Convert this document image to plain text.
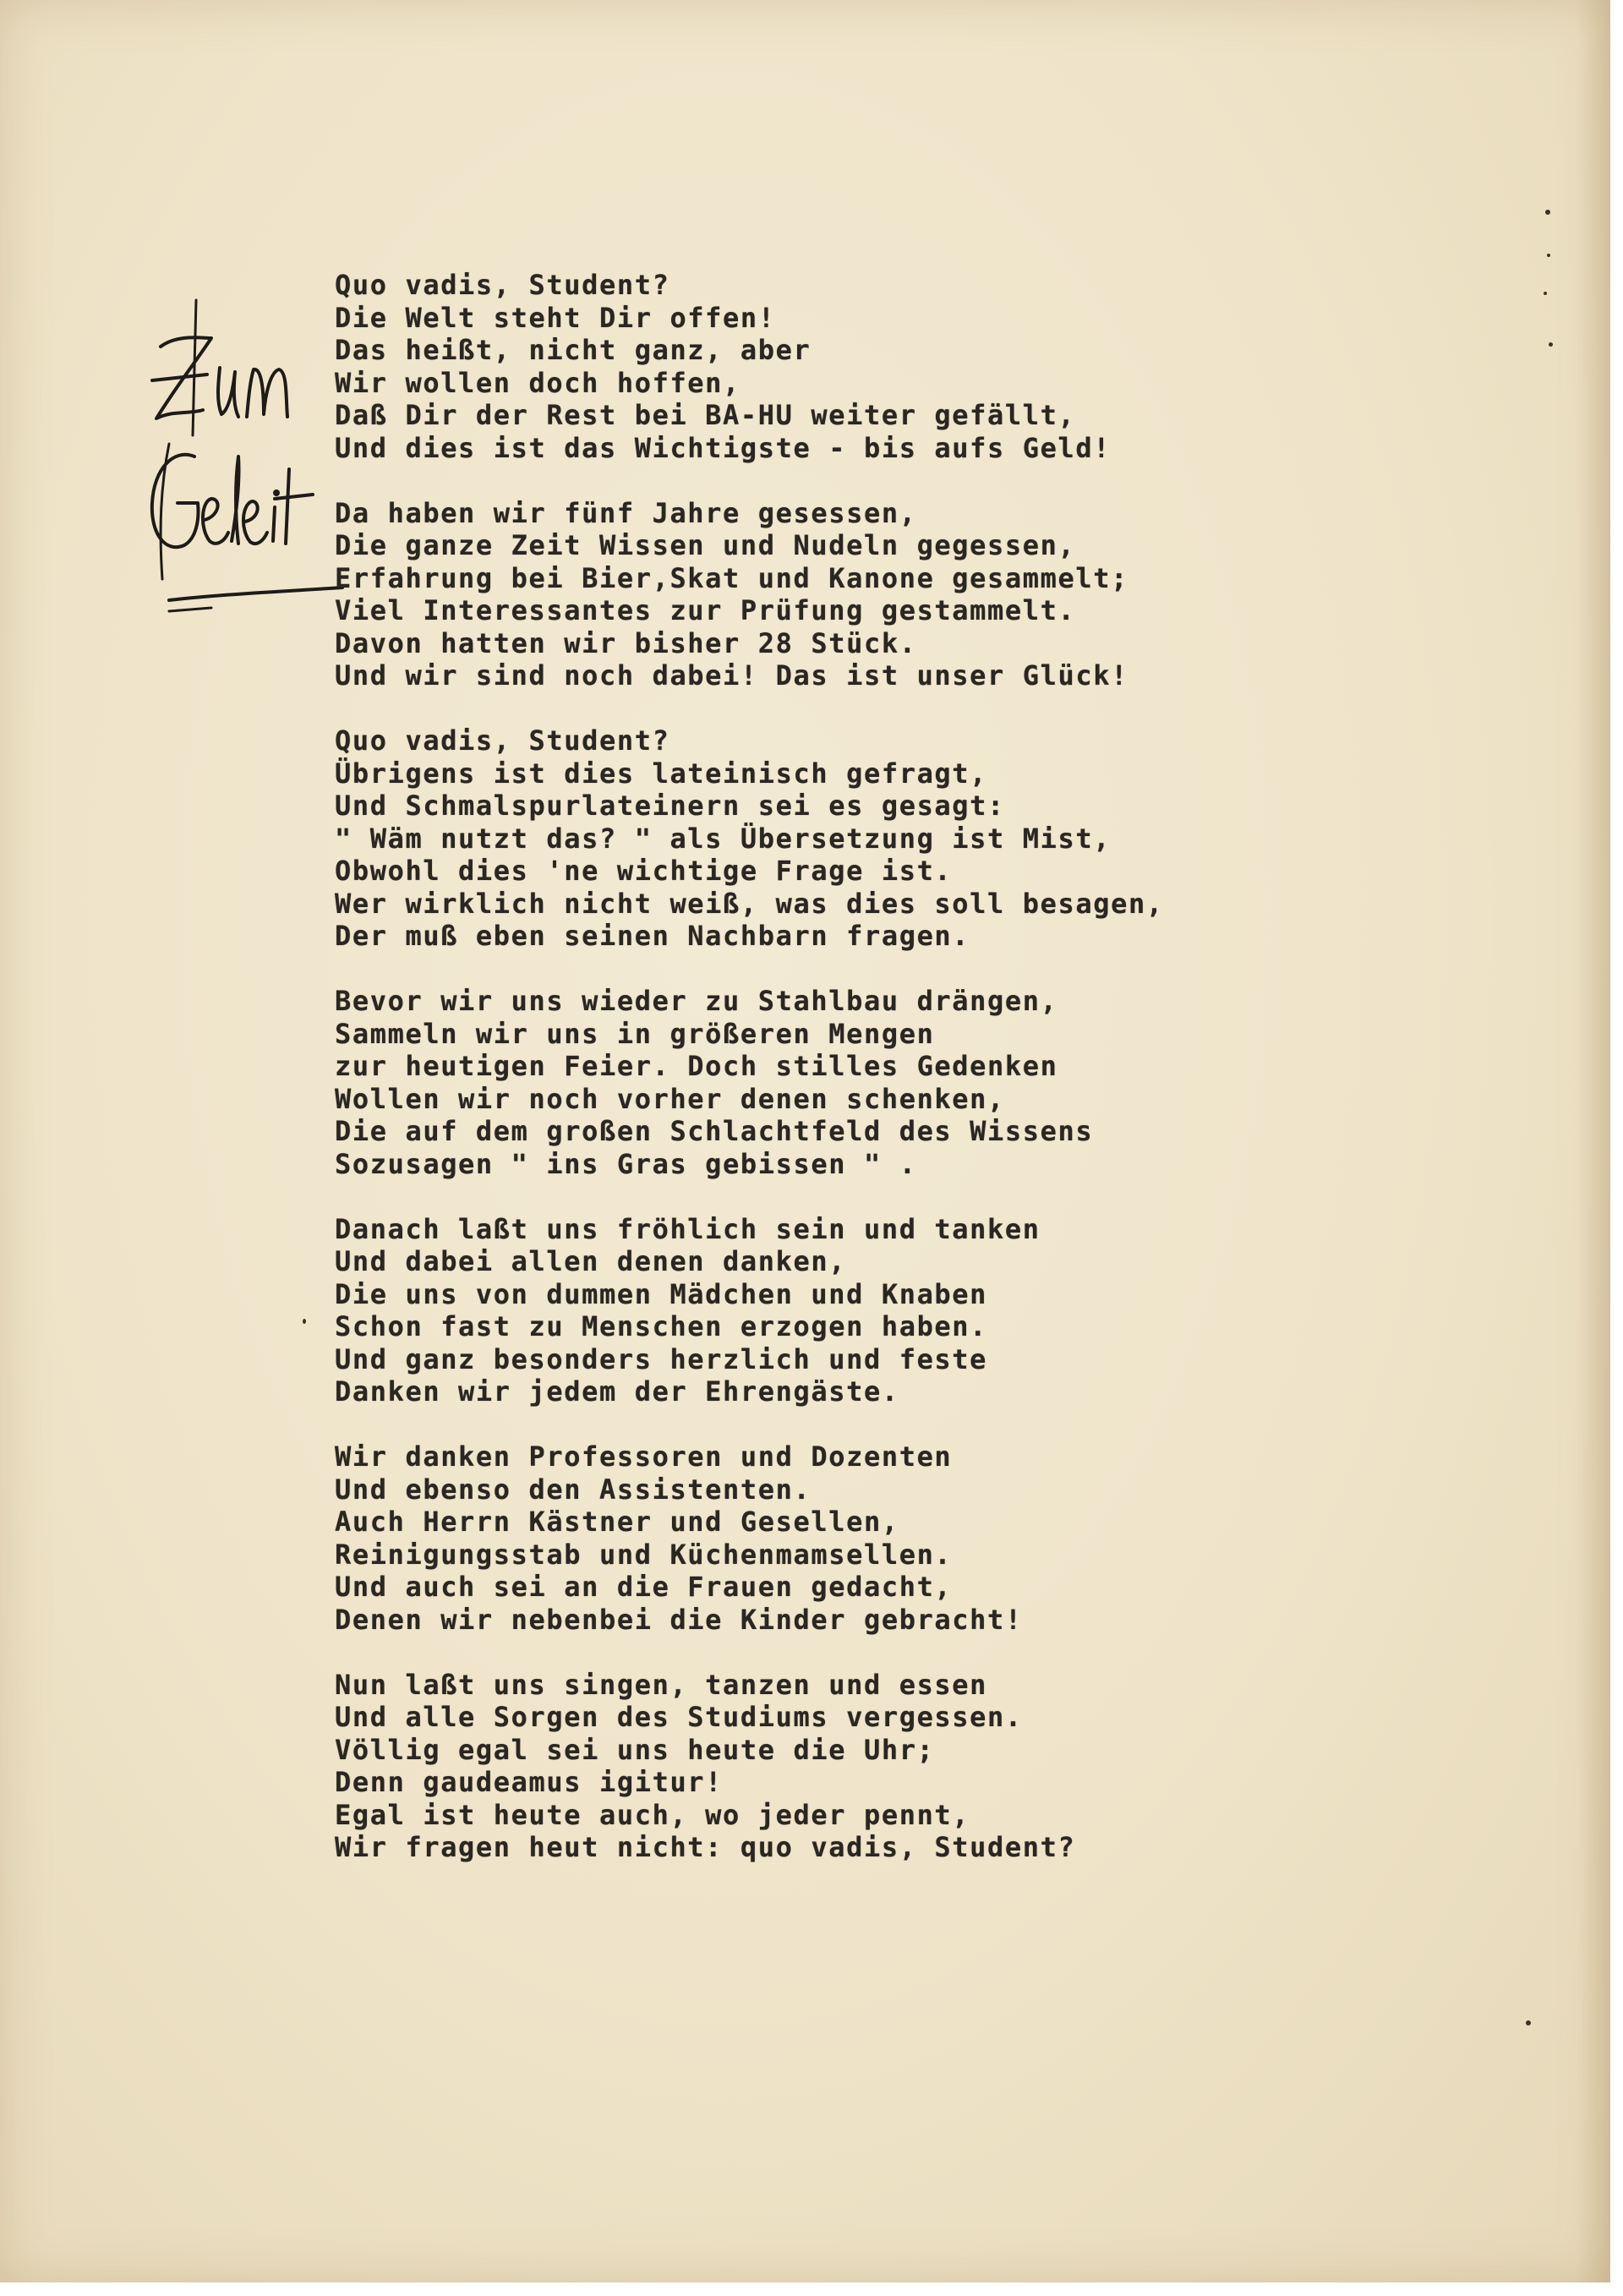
Quo vadis, Student?
Die Welt steht Dir offen!
Das heißt, nicht ganz, aber
Wir wollen doch hoffen,
Daß Dir der Rest bei BA-HU weiter gefällt,
Und dies ist das Wichtigste - bis aufs Geld!
Da haben wir fünf Jahre gesessen,
Die ganze Zeit Wissen und Nudeln gegessen,
Erfahrung bei Bier,Skat und Kanone gesammelt;
Viel Interessantes zur Prüfung gestammelt.
Davon hatten wir bisher 28 Stück.
Und wir sind noch dabei! Das ist unser Glück!
Quo vadis, Student?
Übrigens ist dies lateinisch gefragt,
Und Schmalspurlateinern sei es gesagt:
" Wäm nutzt das? " als Übersetzung ist Mist,
Obwohl dies 'ne wichtige Frage ist.
Wer wirklich nicht weiß, was dies soll besagen,
Der muß eben seinen Nachbarn fragen.
Bevor wir uns wieder zu Stahlbau drängen,
Sammeln wir uns in größeren Mengen
zur heutigen Feier. Doch stilles Gedenken
Wollen wir noch vorher denen schenken,
Die auf dem großen Schlachtfeld des Wissens
Sozusagen " ins Gras gebissen " .
Danach laßt uns fröhlich sein und tanken
Und dabei allen denen danken,
Die uns von dummen Mädchen und Knaben
Schon fast zu Menschen erzogen haben.
Und ganz besonders herzlich und feste
Danken wir jedem der Ehrengäste.
Wir danken Professoren und Dozenten
Und ebenso den Assistenten.
Auch Herrn Kästner und Gesellen,
Reinigungsstab und Küchenmamsellen.
Und auch sei an die Frauen gedacht,
Denen wir nebenbei die Kinder gebracht!
Nun laßt uns singen, tanzen und essen
Und alle Sorgen des Studiums vergessen.
Völlig egal sei uns heute die Uhr;
Denn gaudeamus igitur!
Egal ist heute auch, wo jeder pennt,
Wir fragen heut nicht: quo vadis, Student?
